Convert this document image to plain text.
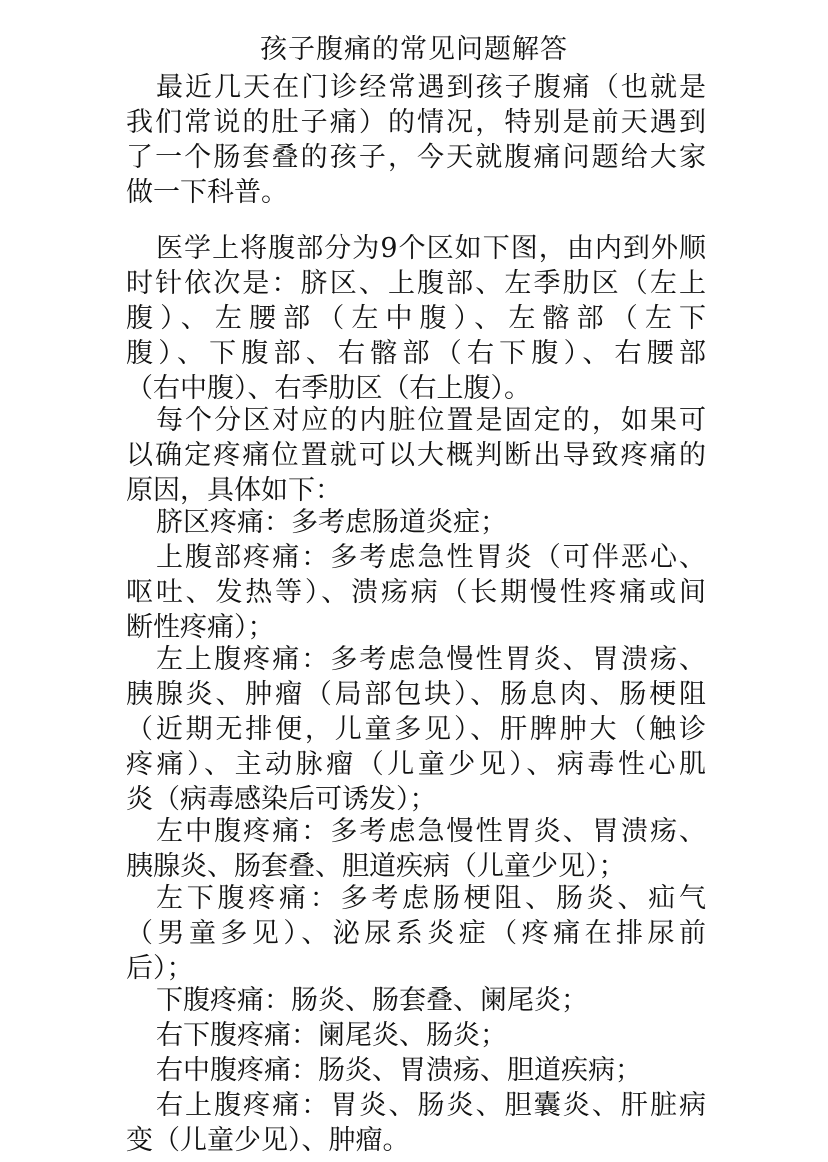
孩子腹痛的常见问题解答
最近几天在门诊经常遇到孩子腹痛（也就是
我们常说的肚子痛）的情况，特别是前天遇到
了一个肠套叠的孩子，今天就腹痛问题给大家
做一下科普。
医学上将腹部分为9个区如下图，由内到外顺
时针依次是：脐区、上腹部、左季肋区（左上
腹）、左腰部（左中腹）、左髂部（左下
腹）、下腹部、右髂部（右下腹）、右腰部
（右中腹）、右季肋区（右上腹）。
每个分区对应的内脏位置是固定的，如果可
以确定疼痛位置就可以大概判断出导致疼痛的
原因，具体如下：
脐区疼痛：多考虑肠道炎症；
上腹部疼痛：多考虑急性胃炎（可伴恶心、
呕吐、发热等）、溃疡病（长期慢性疼痛或间
断性疼痛）；
左上腹疼痛：多考虑急慢性胃炎、胃溃疡、
胰腺炎、肿瘤（局部包块）、肠息肉、肠梗阻
（近期无排便，儿童多见）、肝脾肿大（触诊
疼痛）、主动脉瘤（儿童少见）、病毒性心肌
炎（病毒感染后可诱发）；
左中腹疼痛：多考虑急慢性胃炎、胃溃疡、
胰腺炎、肠套叠、胆道疾病（儿童少见）；
左下腹疼痛：多考虑肠梗阻、肠炎、疝气
（男童多见）、泌尿系炎症（疼痛在排尿前
后）；
下腹疼痛：肠炎、肠套叠、阑尾炎；
右下腹疼痛：阑尾炎、肠炎；
右中腹疼痛：肠炎、胃溃疡、胆道疾病；
右上腹疼痛：胃炎、肠炎、胆囊炎、肝脏病
变（儿童少见）、肿瘤。
